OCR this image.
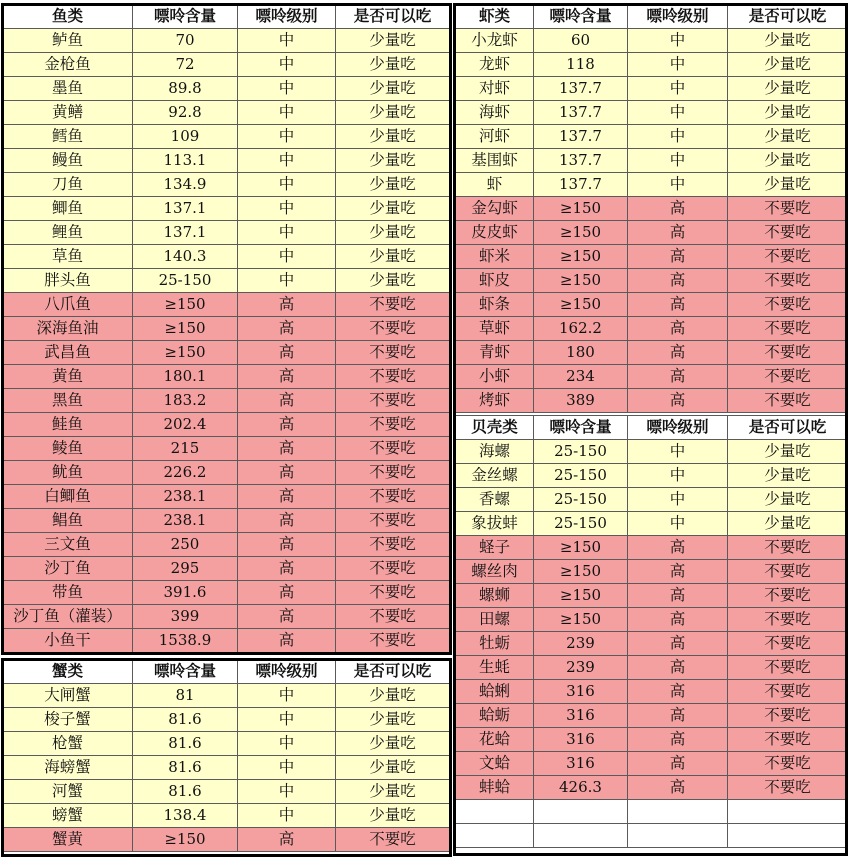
鱼类	嘌呤含量	嘌呤级别	是否可以吃
鲈鱼	70	中	少量吃
金枪鱼	72	中	少量吃
墨鱼	89.8	中	少量吃
黄鳝	92.8	中	少量吃
鳕鱼	109	中	少量吃
鳗鱼	113.1	中	少量吃
刀鱼	134.9	中	少量吃
鲫鱼	137.1	中	少量吃
鲤鱼	137.1	中	少量吃
草鱼	140.3	中	少量吃
胖头鱼	25-150	中	少量吃
八爪鱼	≥150	高	不要吃
深海鱼油	≥150	高	不要吃
武昌鱼	≥150	高	不要吃
黄鱼	180.1	高	不要吃
黑鱼	183.2	高	不要吃
鲑鱼	202.4	高	不要吃
鲮鱼	215	高	不要吃
鱿鱼	226.2	高	不要吃
白鲫鱼	238.1	高	不要吃
鲳鱼	238.1	高	不要吃
三文鱼	250	高	不要吃
沙丁鱼	295	高	不要吃
带鱼	391.6	高	不要吃
沙丁鱼（灌装）	399	高	不要吃
小鱼干	1538.9	高	不要吃
蟹类	嘌呤含量	嘌呤级别	是否可以吃
大闸蟹	81	中	少量吃
梭子蟹	81.6	中	少量吃
枪蟹	81.6	中	少量吃
海螃蟹	81.6	中	少量吃
河蟹	81.6	中	少量吃
螃蟹	138.4	中	少量吃
蟹黄	≥150	高	不要吃
虾类	嘌呤含量	嘌呤级别	是否可以吃
小龙虾	60	中	少量吃
龙虾	118	中	少量吃
对虾	137.7	中	少量吃
海虾	137.7	中	少量吃
河虾	137.7	中	少量吃
基围虾	137.7	中	少量吃
虾	137.7	中	少量吃
金勾虾	≥150	高	不要吃
皮皮虾	≥150	高	不要吃
虾米	≥150	高	不要吃
虾皮	≥150	高	不要吃
虾条	≥150	高	不要吃
草虾	162.2	高	不要吃
青虾	180	高	不要吃
小虾	234	高	不要吃
烤虾	389	高	不要吃
贝壳类	嘌呤含量	嘌呤级别	是否可以吃
海螺	25-150	中	少量吃
金丝螺	25-150	中	少量吃
香螺	25-150	中	少量吃
象拔蚌	25-150	中	少量吃
蛏子	≥150	高	不要吃
螺丝肉	≥150	高	不要吃
螺蛳	≥150	高	不要吃
田螺	≥150	高	不要吃
牡蛎	239	高	不要吃
生蚝	239	高	不要吃
蛤蜊	316	高	不要吃
蛤蛎	316	高	不要吃
花蛤	316	高	不要吃
文蛤	316	高	不要吃
蚌蛤	426.3	高	不要吃
